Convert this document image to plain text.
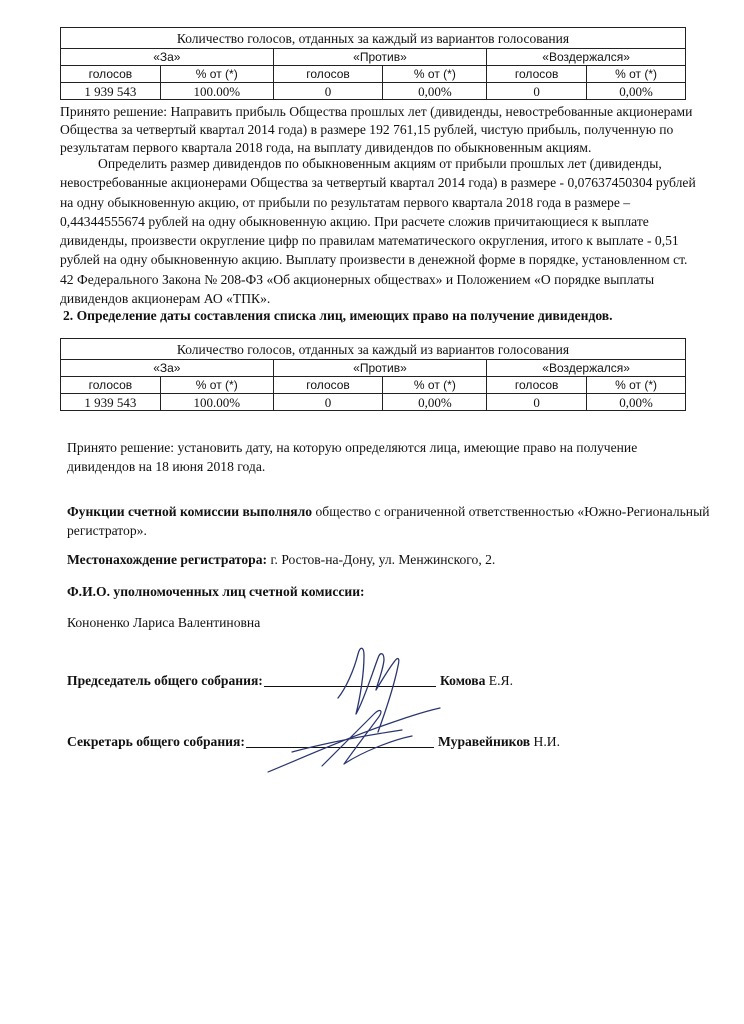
Количество голосов, отданных за каждый из вариантов голосования					
«За»		«Против»		«Воздержался»	
голосов	% от (*)	голосов	% от (*)	голосов	% от (*)
1 939 543	100.00%	0	0,00%	0	0,00%

Принято решение: Направить прибыль Общества прошлых лет (дивиденды, невостребованные акционерами
Общества за четвертый квартал 2014 года) в размере 192 761,15 рублей, чистую прибыль, полученную по
результатам первого квартала 2018 года, на выплату дивидендов по обыкновенным акциям.

Определить размер дивидендов по обыкновенным акциям от прибыли прошлых лет (дивиденды,
невостребованные акционерами Общества за четвертый квартал 2014 года) в размере - 0,07637450304 рублей
на одну обыкновенную акцию, от прибыли по результатам первого квартала 2018 года в размере –
0,44344555674 рублей на одну обыкновенную акцию. При расчете сложив причитающиеся к выплате
дивиденды, произвести округление цифр по правилам математического округления, итого к выплате - 0,51
рублей на одну обыкновенную акцию. Выплату произвести в денежной форме в порядке, установленном ст.
42 Федерального Закона № 208-ФЗ «Об акционерных обществах» и Положением «О порядке выплаты
дивидендов акционерам АО «ТПК».

2. Определение даты составления списка лиц, имеющих право на получение дивидендов.

Количество голосов, отданных за каждый из вариантов голосования					
«За»		«Против»		«Воздержался»	
голосов	% от (*)	голосов	% от (*)	голосов	% от (*)
1 939 543	100.00%	0	0,00%	0	0,00%

Принято решение: установить дату, на которую определяются лица, имеющие право на получение
дивидендов на 18 июня 2018 года.

Функции счетной комиссии выполняло общество с ограниченной ответственностью «Южно-Региональный
регистратор».

Местонахождение регистратора: г. Ростов-на-Дону, ул. Менжинского, 2.

Ф.И.О. уполномоченных лиц счетной комиссии:

Кононенко Лариса Валентиновна

Председатель общего собрания:	Комова Е.Я.
Секретарь общего собрания:	Муравейников Н.И.
